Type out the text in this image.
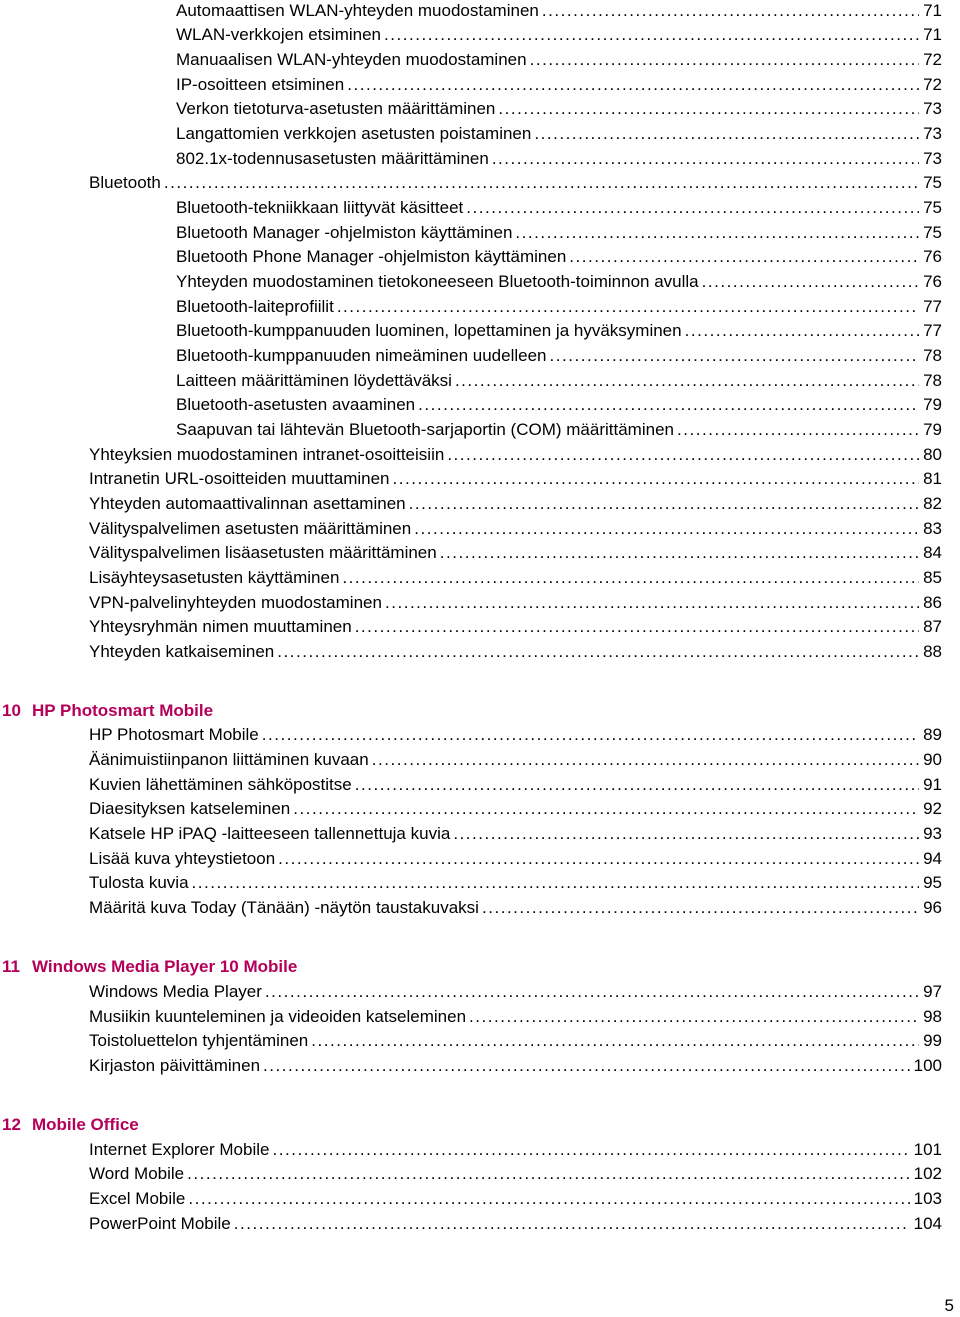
Automaattisen WLAN-yhteyden muodostaminen . . .	71
WLAN-verkkojen etsiminen . . .	71
Manuaalisen WLAN-yhteyden muodostaminen . . .	72
IP-osoitteen etsiminen . . .	72
Verkon tietoturva-asetusten määrittäminen . . .	73
Langattomien verkkojen asetusten poistaminen . . .	73
802.1x-todennusasetusten määrittäminen . . .	73
Bluetooth . . .	75
Bluetooth-tekniikkaan liittyvät käsitteet . . .	75
Bluetooth Manager -ohjelmiston käyttäminen . . .	75
Bluetooth Phone Manager -ohjelmiston käyttäminen . . .	76
Yhteyden muodostaminen tietokoneeseen Bluetooth-toiminnon avulla . . .	76
Bluetooth-laiteprofiilit . . .	77
Bluetooth-kumppanuuden luominen, lopettaminen ja hyväksyminen . . .	77
Bluetooth-kumppanuuden nimeäminen uudelleen . . .	78
Laitteen määrittäminen löydettäväksi . . .	78
Bluetooth-asetusten avaaminen . . .	79
Saapuvan tai lähtevän Bluetooth-sarjaportin (COM) määrittäminen . . .	79
Yhteyksien muodostaminen intranet-osoitteisiin . . .	80
Intranetin URL-osoitteiden muuttaminen . . .	81
Yhteyden automaattivalinnan asettaminen . . .	82
Välityspalvelimen asetusten määrittäminen . . .	83
Välityspalvelimen lisäasetusten määrittäminen . . .	84
Lisäyhteysasetusten käyttäminen . . .	85
VPN-palvelinyhteyden muodostaminen . . .	86
Yhteysryhmän nimen muuttaminen . . .	87
Yhteyden katkaiseminen . . .	88
10 HP Photosmart Mobile
HP Photosmart Mobile . . .	89
Äänimuistiinpanon liittäminen kuvaan . . .	90
Kuvien lähettäminen sähköpostitse . . .	91
Diaesityksen katseleminen . . .	92
Katsele HP iPAQ -laitteeseen tallennettuja kuvia . . .	93
Lisää kuva yhteystietoon . . .	94
Tulosta kuvia . . .	95
Määritä kuva Today (Tänään) -näytön taustakuvaksi . . .	96
11 Windows Media Player 10 Mobile
Windows Media Player . . .	97
Musiikin kuunteleminen ja videoiden katseleminen . . .	98
Toistoluettelon tyhjentäminen . . .	99
Kirjaston päivittäminen . . .	100
12 Mobile Office
Internet Explorer Mobile . . .	101
Word Mobile . . .	102
Excel Mobile . . .	103
PowerPoint Mobile . . .	104
5
